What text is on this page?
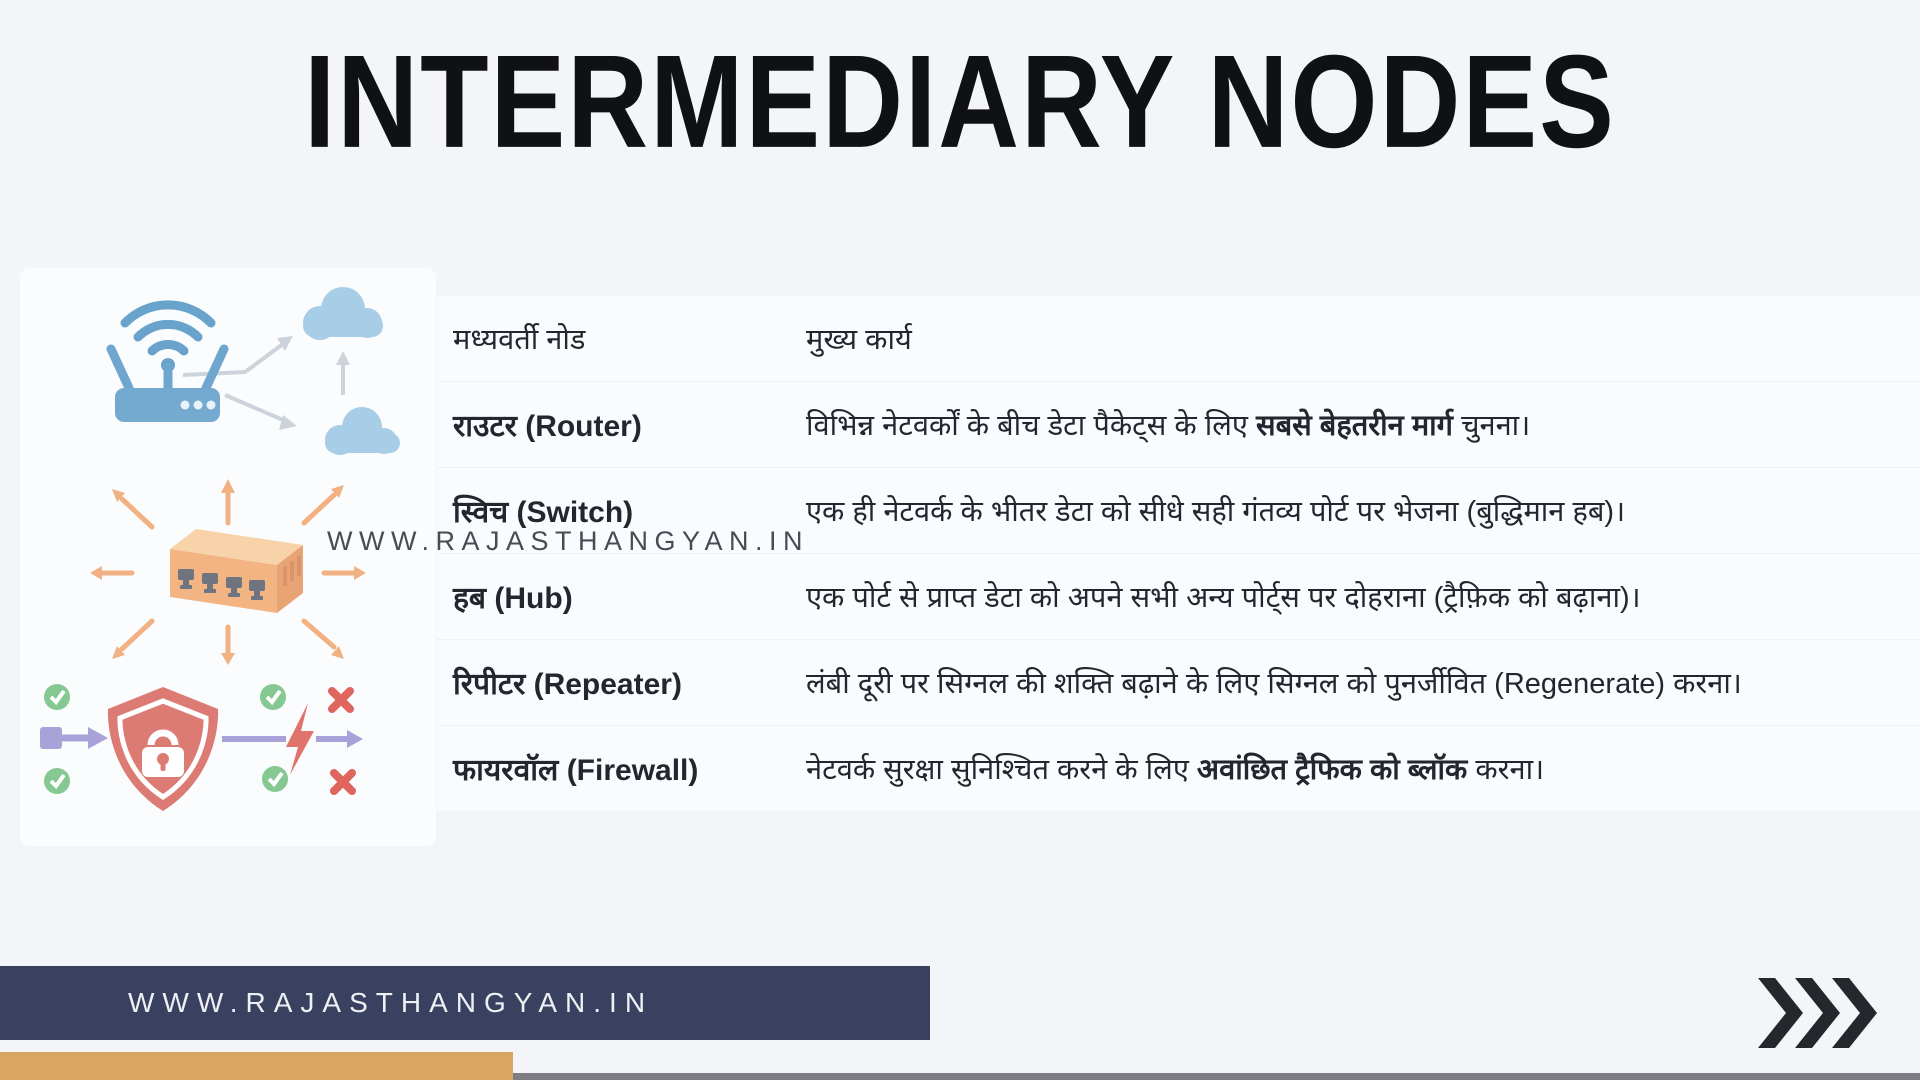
INTERMEDIARY NODES
WWW.RAJASTHANGYAN.IN
मध्यवर्ती नोड	मुख्य कार्य
राउटर (Router)	विभिन्न नेटवर्कों के बीच डेटा पैकेट्स के लिए सबसे बेहतरीन मार्ग चुनना।
स्विच (Switch)	एक ही नेटवर्क के भीतर डेटा को सीधे सही गंतव्य पोर्ट पर भेजना (बुद्धिमान हब)।
हब (Hub)	एक पोर्ट से प्राप्त डेटा को अपने सभी अन्य पोर्ट्स पर दोहराना (ट्रैफ़िक को बढ़ाना)।
रिपीटर (Repeater)	लंबी दूरी पर सिग्नल की शक्ति बढ़ाने के लिए सिग्नल को पुनर्जीवित (Regenerate) करना।
फायरवॉल (Firewall)	नेटवर्क सुरक्षा सुनिश्चित करने के लिए अवांछित ट्रैफिक को ब्लॉक करना।
WWW.RAJASTHANGYAN.IN
